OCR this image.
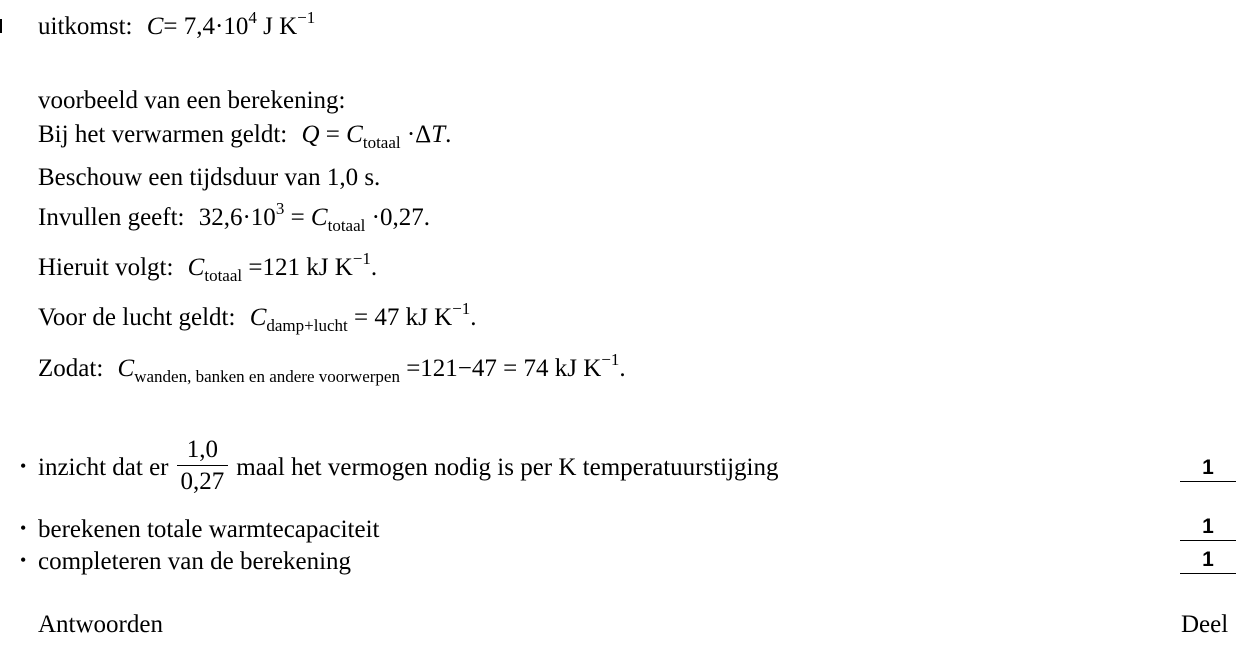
uitkomst: $C= 7,4\cdot 10^4$ J $K^{-1}$
voorbeeld van een berekening:
Bij het verwarmen geldt: $Q = C_{totaal} \cdot\Delta T$.
Beschouw een tijdsduur van 1,0 s.
Invullen geeft: $32,6\cdot 10^3 = C_{totaal} \cdot 0,27$.
Hieruit volgt: $C_{totaal} =121$ kJ $K^{-1}$.
Voor de lucht geldt: $C_{damp+lucht} = 47$ kJ $K^{-1}$.
Zodat: $C_{wanden, banken en andere voorwerpen} =121-47 = 74$ kJ $K^{-1}$.
• inzicht dat er $\frac{1,0}{0,27}$ maal het vermogen nodig is per K temperatuurstijging	1
• berekenen totale warmtecapaciteit	1
• completeren van de berekening	1
Antwoorden	Deel
